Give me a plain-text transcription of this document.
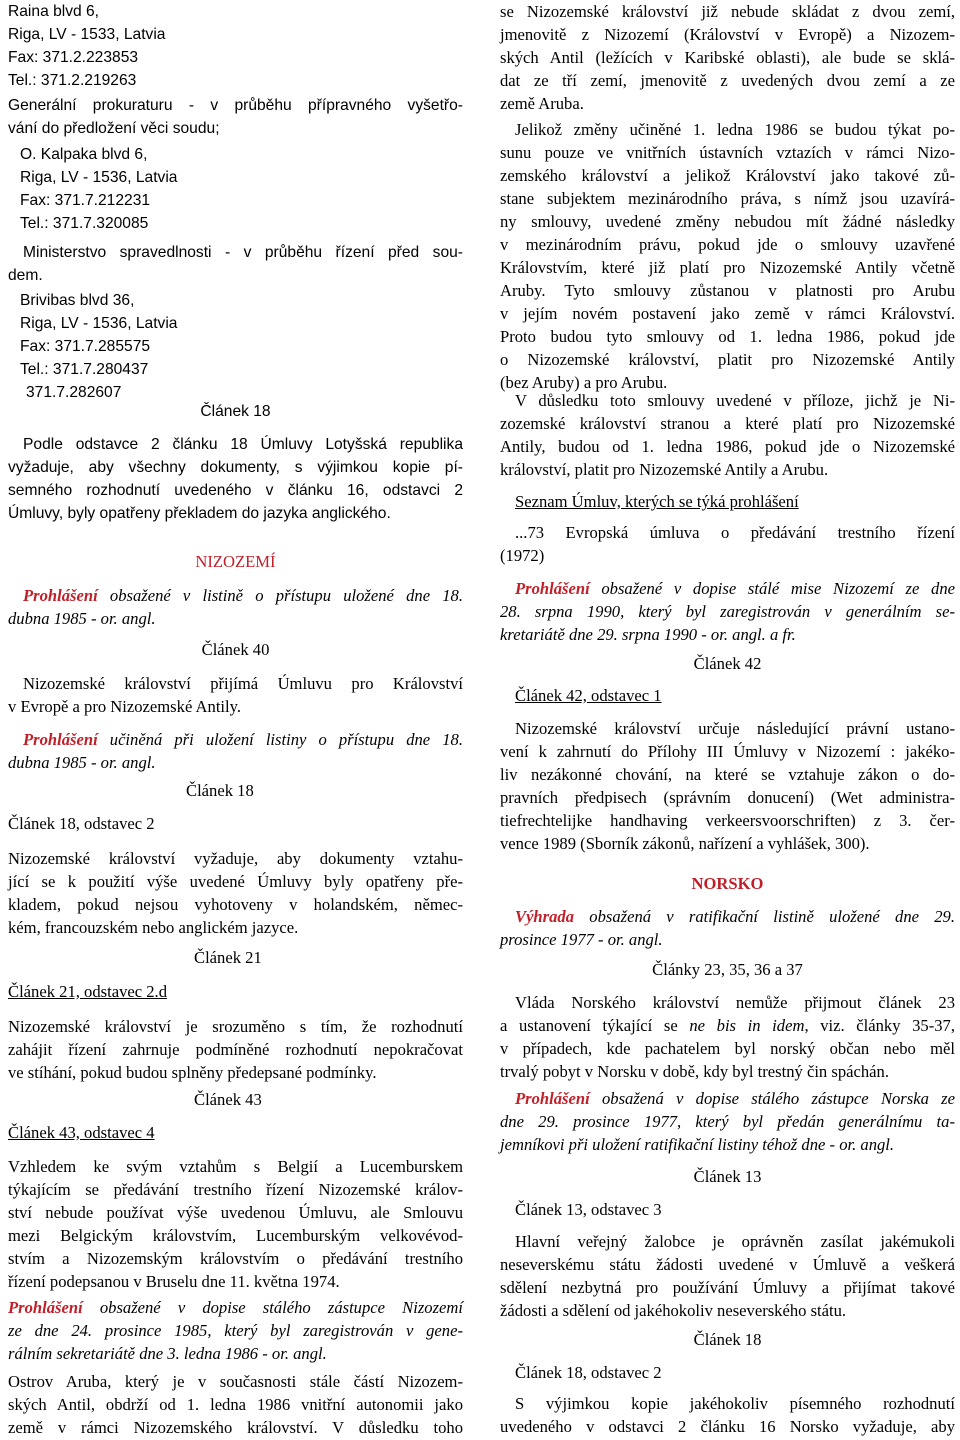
Raina blvd 6,
Riga, LV - 1533, Latvia
Fax: 371.2.223853
Tel.: 371.2.219263
Generální prokuraturu - v průběhu přípravného vyšetřo-
vání do předložení věci soudu;
O. Kalpaka blvd 6,
Riga, LV - 1536, Latvia
Fax: 371.7.212231
Tel.: 371.7.320085
Ministerstvo spravedlnosti - v průběhu řízení před sou-
dem.
Brivibas blvd 36,
Riga, LV - 1536, Latvia
Fax: 371.7.285575
Tel.: 371.7.280437
371.7.282607
Článek 18
Podle odstavce 2 článku 18 Úmluvy Lotyšská republika
vyžaduje, aby všechny dokumenty, s výjimkou kopie pí-
semného rozhodnutí uvedeného v článku 16, odstavci 2
Úmluvy, byly opatřeny překladem do jazyka anglického.
NIZOZEMÍ
Prohlášení obsažené v listině o přístupu uložené dne 18.
dubna 1985 - or. angl.
Článek 40
Nizozemské království přijímá Úmluvu pro Království
v Evropě a pro Nizozemské Antily.
Prohlášení učiněná při uložení listiny o přístupu dne 18.
dubna 1985 - or. angl.
Článek 18
Článek 18, odstavec 2
Nizozemské království vyžaduje, aby dokumenty vztahu-
jící se k použití výše uvedené Úmluvy byly opatřeny pře-
kladem, pokud nejsou vyhotoveny v holandském, němec-
kém, francouzském nebo anglickém jazyce.
Článek 21
Článek 21, odstavec 2.d
Nizozemské království je srozuměno s tím, že rozhodnutí
zahájit řízení zahrnuje podmíněné rozhodnutí nepokračovat
ve stíhání, pokud budou splněny předepsané podmínky.
Článek 43
Článek 43, odstavec 4
Vzhledem ke svým vztahům s Belgií a Lucemburskem
týkajícím se předávání trestního řízení Nizozemské králov-
ství nebude používat výše uvedenou Úmluvu, ale Smlouvu
mezi Belgickým královstvím, Lucemburským velkovévod-
stvím a Nizozemským královstvím o předávání trestního
řízení podepsanou v Bruselu dne 11. května 1974.
Prohlášení obsažené v dopise stálého zástupce Nizozemí
ze dne 24. prosince 1985, který byl zaregistrován v gene-
rálním sekretariátě dne 3. ledna 1986 - or. angl.
Ostrov Aruba, který je v současnosti stále částí Nizozem-
ských Antil, obdrží od 1. ledna 1986 vnitřní autonomii jako
země v rámci Nizozemského království. V důsledku toho
se Nizozemské království již nebude skládat z dvou zemí,
jmenovitě z Nizozemí (Království v Evropě) a Nizozem-
ských Antil (ležících v Karibské oblasti), ale bude se sklá-
dat ze tří zemí, jmenovitě z uvedených dvou zemí a ze
země Aruba.
Jelikož změny učiněné 1. ledna 1986 se budou týkat po-
sunu pouze ve vnitřních ústavních vztazích v rámci Nizo-
zemského království a jelikož Království jako takové zů-
stane subjektem mezinárodního práva, s nímž jsou uzavírá-
ny smlouvy, uvedené změny nebudou mít žádné následky
v mezinárodním právu, pokud jde o smlouvy uzavřené
Královstvím, které již platí pro Nizozemské Antily včetně
Aruby. Tyto smlouvy zůstanou v platnosti pro Arubu
v jejím novém postavení jako země v rámci Království.
Proto budou tyto smlouvy od 1. ledna 1986, pokud jde
o Nizozemské království, platit pro Nizozemské Antily
(bez Aruby) a pro Arubu.
V důsledku toto smlouvy uvedené v příloze, jichž je Ni-
zozemské království stranou a které platí pro Nizozemské
Antily, budou od 1. ledna 1986, pokud jde o Nizozemské
království, platit pro Nizozemské Antily a Arubu.
Seznam Úmluv, kterých se týká prohlášení
...73 Evropská úmluva o předávání trestního řízení
(1972)
Prohlášení obsažené v dopise stálé mise Nizozemí ze dne
28. srpna 1990, který byl zaregistrován v generálním se-
kretariátě dne 29. srpna 1990 - or. angl. a fr.
Článek 42
Článek 42, odstavec 1
Nizozemské království určuje následující právní ustano-
vení k zahrnutí do Přílohy III Úmluvy v Nizozemí : jakéko-
liv nezákonné chování, na které se vztahuje zákon o do-
pravních předpisech (správním donucení) (Wet administra-
tiefrechtelijke handhaving verkeersvoorschriften) z 3. čer-
vence 1989 (Sborník zákonů, nařízení a vyhlášek, 300).
NORSKO
Výhrada obsažená v ratifikační listině uložené dne 29.
prosince 1977 - or. angl.
Články 23, 35, 36 a 37
Vláda Norského království nemůže přijmout článek 23
a ustanovení týkající se ne bis in idem, viz. články 35-37,
v případech, kde pachatelem byl norský občan nebo měl
trvalý pobyt v Norsku v době, kdy byl trestný čin spáchán.
Prohlášení obsažená v dopise stálého zástupce Norska ze
dne 29. prosince 1977, který byl předán generálnímu ta-
jemníkovi při uložení ratifikační listiny téhož dne - or. angl.
Článek 13
Článek 13, odstavec 3
Hlavní veřejný žalobce je oprávněn zasílat jakémukoli
neseverskému státu žádosti uvedené v Úmluvě a veškerá
sdělení nezbytná pro používání Úmluvy a přijímat takové
žádosti a sdělení od jakéhokoliv neseverského státu.
Článek 18
Článek 18, odstavec 2
S výjimkou kopie jakéhokoliv písemného rozhodnutí
uvedeného v odstavci 2 článku 16 Norsko vyžaduje, aby
